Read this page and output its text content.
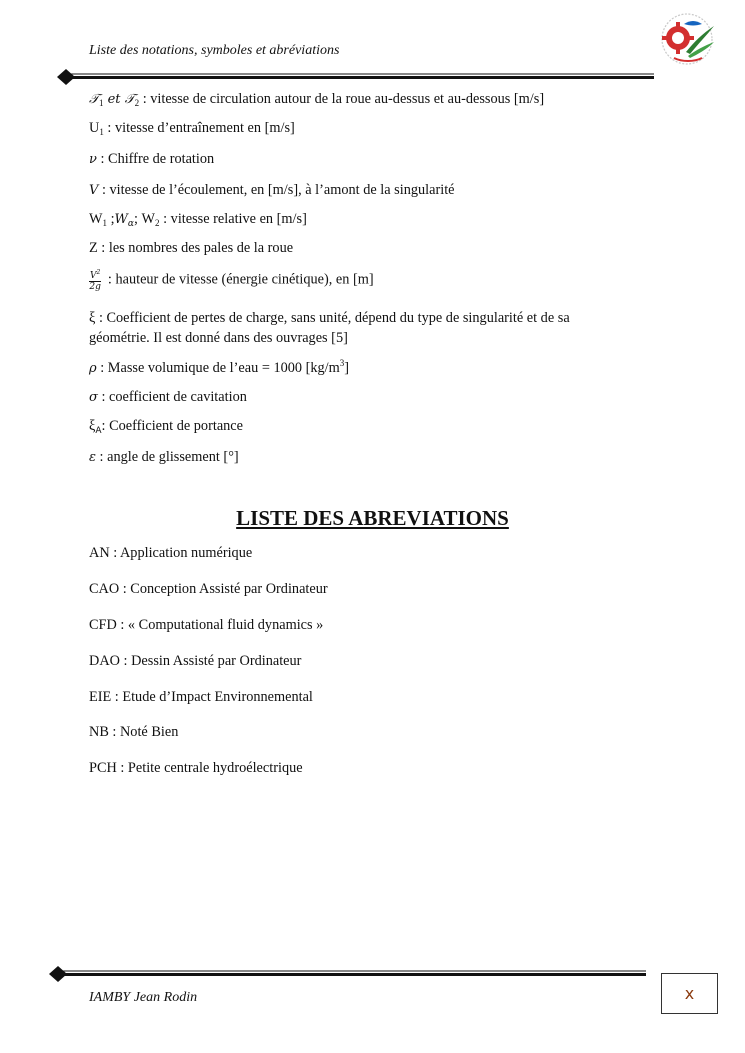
Liste des notations, symboles et abréviations
𝒯$_1$ et 𝒯$_2$ : vitesse de circulation autour de la roue au-dessus et au-dessous [m/s]
$U_1$ : vitesse d’entraînement en [m/s]
ν : Chiffre de rotation
V : vitesse de l’écoulement, en [m/s], à l’amont de la singularité
$W_1$ $;W_\alpha$; $W_2$ : vitesse relative en [m/s]
Z : les nombres des pales de la roue
$\frac{V^2}{2g}$ : hauteur de vitesse (énergie cinétique), en [m]
ξ : Coefficient de pertes de charge, sans unité, dépend du type de singularité et de sa géométrie. Il est donné dans des ouvrages [5]
ρ : Masse volumique de l’eau = 1000 $[kg/m^3]$
σ : coefficient de cavitation
$\xi_A$: Coefficient de portance
ε : angle de glissement [°]
LISTE DES ABREVIATIONS
AN : Application numérique
CAO : Conception Assisté par Ordinateur
CFD : « Computational fluid dynamics »
DAO : Dessin Assisté par Ordinateur
EIE : Etude d’Impact Environnemental
NB : Noté Bien
PCH : Petite centrale hydroélectrique
IAMBY Jean Rodin	x
